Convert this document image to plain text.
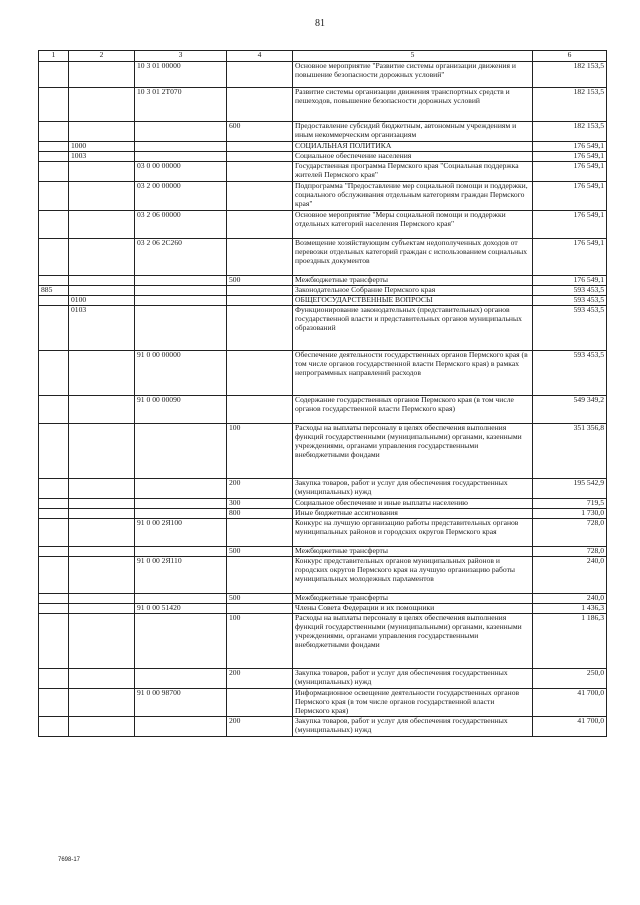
81
1	2	3	4	5	6
		10 3 01 00000		Основное мероприятие "Развитие системы организации движения и повышение безопасности дорожных условий"	182 153,5
		10 3 01 2Т070		Развитие системы организации движения транспортных средств и пешеходов, повышение безопасности дорожных условий	182 153,5
			600	Предоставление субсидий бюджетным, автономным учреждениям и иным некоммерческим организациям	182 153,5
	1000			СОЦИАЛЬНАЯ ПОЛИТИКА	176 549,1
	1003			Социальное обеспечение населения	176 549,1
		03 0 00 00000		Государственная программа Пермского края "Социальная поддержка жителей Пермского края"	176 549,1
		03 2 00 00000		Подпрограмма "Предоставление мер социальной помощи и поддержки, социального обслуживания отдельным категориям граждан Пермского края"	176 549,1
		03 2 06 00000		Основное мероприятие "Меры социальной помощи и поддержки отдельных категорий населения Пермского края"	176 549,1
		03 2 06 2С260		Возмещение хозяйствующим субъектам недополученных доходов от перевозки отдельных категорий граждан с использованием социальных проездных документов	176 549,1
			500	Межбюджетные трансферты	176 549,1
885				Законодательное Собрание Пермского края	593 453,5
	0100			ОБЩЕГОСУДАРСТВЕННЫЕ ВОПРОСЫ	593 453,5
	0103			Функционирование законодательных (представительных) органов государственной власти и представительных органов муниципальных образований	593 453,5
		91 0 00 00000		Обеспечение деятельности государственных органов Пермского края (в том числе органов государственной власти Пермского края) в рамках непрограммных направлений расходов	593 453,5
		91 0 00 00090		Содержание государственных органов Пермского края (в том числе органов государственной власти Пермского края)	549 349,2
			100	Расходы на выплаты персоналу в целях обеспечения выполнения функций государственными (муниципальными) органами, казенными учреждениями, органами управления государственными внебюджетными фондами	351 356,8
			200	Закупка товаров, работ и услуг для обеспечения государственных (муниципальных) нужд	195 542,9
			300	Социальное обеспечение и иные выплаты населению	719,5
			800	Иные бюджетные ассигнования	1 730,0
		91 0 00 2Я100		Конкурс на лучшую организацию работы представительных органов муниципальных районов и городских округов Пермского края	728,0
			500	Межбюджетные трансферты	728,0
		91 0 00 2Я110		Конкурс представительных органов муниципальных районов и городских округов Пермского края на лучшую организацию работы муниципальных молодежных парламентов	240,0
			500	Межбюджетные трансферты	240,0
		91 0 00 51420		Члены Совета Федерации и их помощники	1 436,3
			100	Расходы на выплаты персоналу в целях обеспечения выполнения функций государственными (муниципальными) органами, казенными учреждениями, органами управления государственными внебюджетными фондами	1 186,3
			200	Закупка товаров, работ и услуг для обеспечения государственных (муниципальных) нужд	250,0
		91 0 00 98700		Информационное освещение деятельности государственных органов Пермского края (в том числе органов государственной власти Пермского края)	41 700,0
			200	Закупка товаров, работ и услуг для обеспечения государственных (муниципальных) нужд	41 700,0
7698-17
